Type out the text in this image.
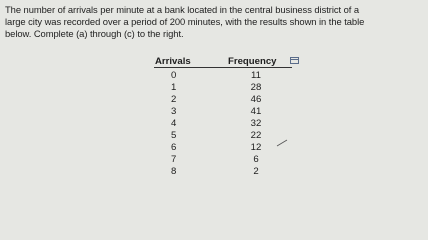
The number of arrivals per minute at a bank located in the central business district of a
large city was recorded over a period of 200 minutes, with the results shown in the table
below. Complete (a) through (c) to the right.
Arrivals	Frequency
0	11
1	28
2	46
3	41
4	32
5	22
6	12
7	6
8	2
